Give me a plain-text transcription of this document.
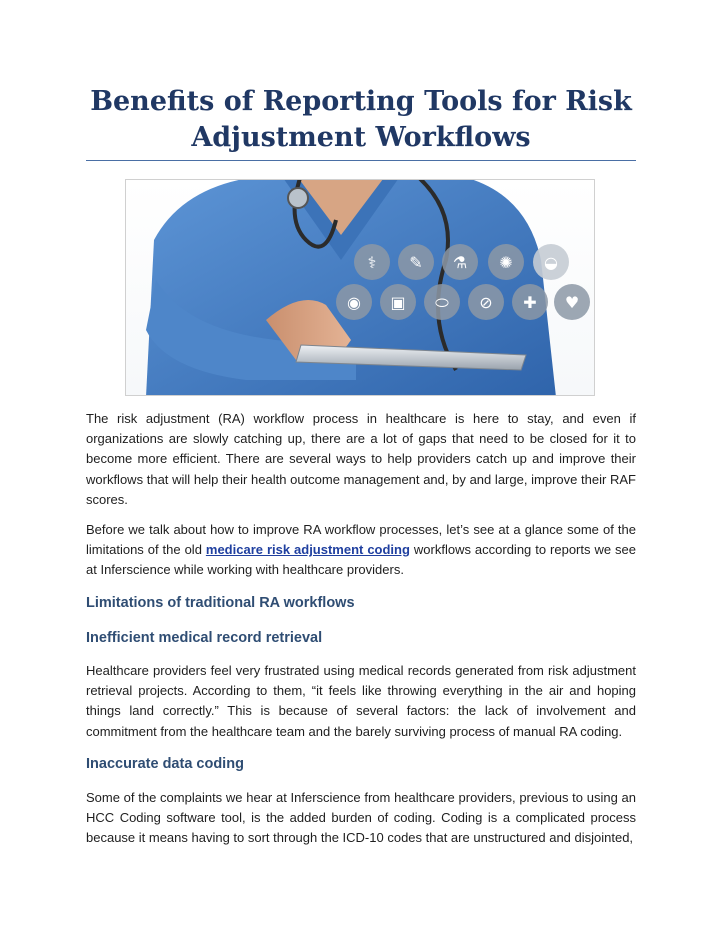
Benefits of Reporting Tools for Risk Adjustment Workflows
⚕ ✎ ⚗ ✺ ◒
◉ ▣ ⬭ ⊘ ✚ ♥

The risk adjustment (RA) workflow process in healthcare is here to stay, and even if organizations are slowly catching up, there are a lot of gaps that need to be closed for it to become more efficient. There are several ways to help providers catch up and improve their workflows that will help their health outcome management and, by and large, improve their RAF scores.

Before we talk about how to improve RA workflow processes, let’s see at a glance some of the limitations of the old medicare risk adjustment coding workflows according to reports we see at Inferscience while working with healthcare providers.

Limitations of traditional RA workflows
Inefficient medical record retrieval

Healthcare providers feel very frustrated using medical records generated from risk adjustment retrieval projects. According to them, “it feels like throwing everything in the air and hoping things land correctly.” This is because of several factors: the lack of involvement and commitment from the healthcare team and the barely surviving process of manual RA coding.

Inaccurate data coding

Some of the complaints we hear at Inferscience from healthcare providers, previous to using an HCC Coding software tool, is the added burden of coding. Coding is a complicated process because it means having to sort through the ICD-10 codes that are unstructured and disjointed,
